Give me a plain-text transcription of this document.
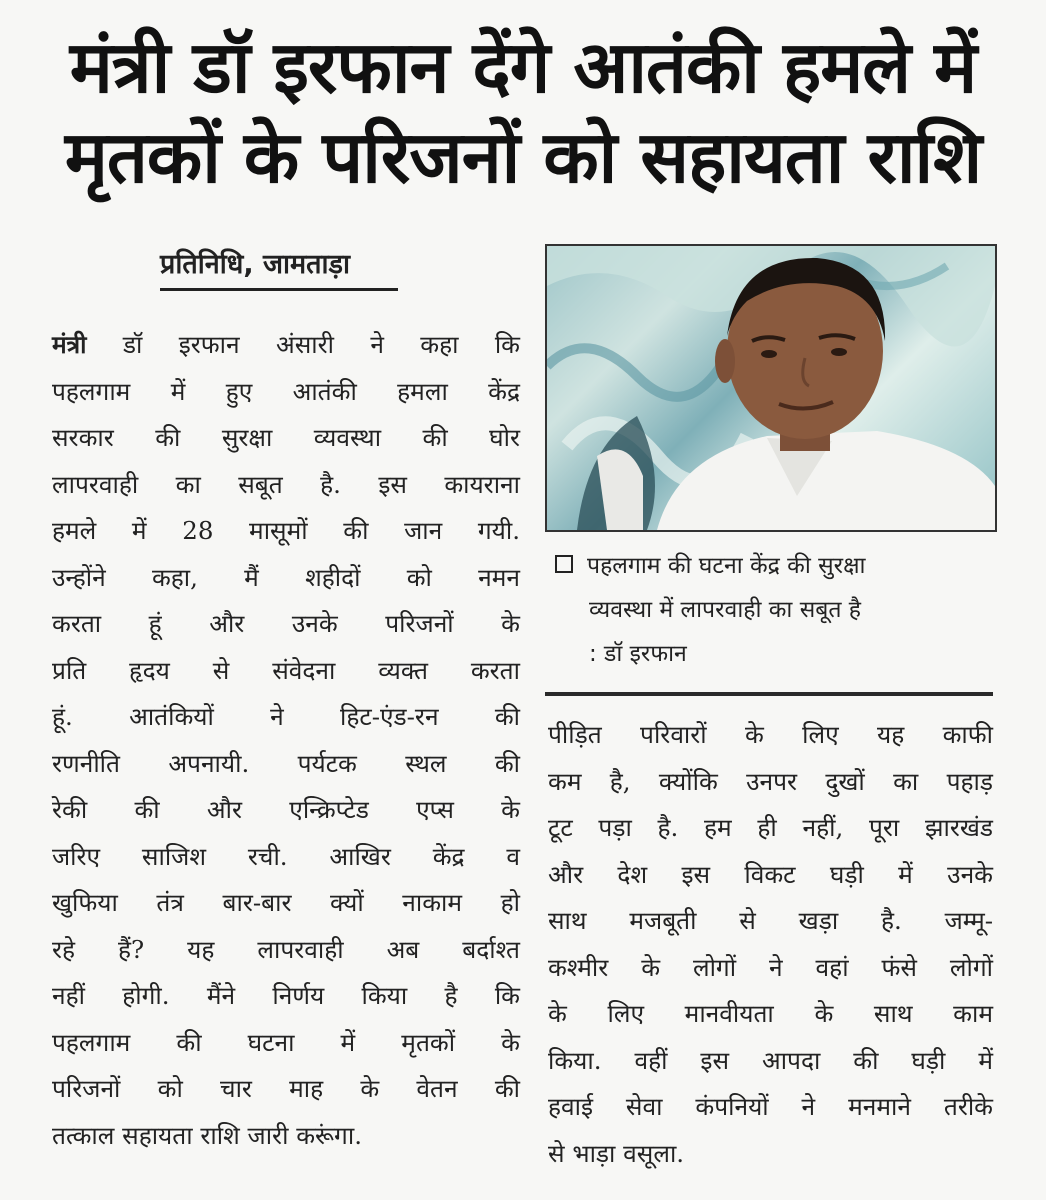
मंत्री डॉ इरफान देंगे आतंकी हमले में
मृतकों के परिजनों को सहायता राशि
प्रतिनिधि, जामताड़ा
मंत्री डॉ इरफान अंसारी ने कहा कि
पहलगाम में हुए आतंकी हमला केंद्र
सरकार की सुरक्षा व्यवस्था की घोर
लापरवाही का सबूत है. इस कायराना
हमले में 28 मासूमों की जान गयी.
उन्होंने कहा, मैं शहीदों को नमन
करता हूं और उनके परिजनों के
प्रति हृदय से संवेदना व्यक्त करता
हूं. आतंकियों ने हिट-एंड-रन की
रणनीति अपनायी. पर्यटक स्थल की
रेकी की और एन्क्रिप्टेड एप्स के
जरिए साजिश रची. आखिर केंद्र व
खुफिया तंत्र बार-बार क्यों नाकाम हो
रहे हैं? यह लापरवाही अब बर्दाश्त
नहीं होगी. मैंने निर्णय किया है कि
पहलगाम की घटना में मृतकों के
परिजनों को चार माह के वेतन की
तत्काल सहायता राशि जारी करूंगा.
पहलगाम की घटना केंद्र की सुरक्षा
व्यवस्था में लापरवाही का सबूत है
: डॉ इरफान
पीड़ित परिवारों के लिए यह काफी
कम है, क्योंकि उनपर दुखों का पहाड़
टूट पड़ा है. हम ही नहीं, पूरा झारखंड
और देश इस विकट घड़ी में उनके
साथ मजबूती से खड़ा है. जम्मू-
कश्मीर के लोगों ने वहां फंसे लोगों
के लिए मानवीयता के साथ काम
किया. वहीं इस आपदा की घड़ी में
हवाई सेवा कंपनियों ने मनमाने तरीके
से भाड़ा वसूला.
